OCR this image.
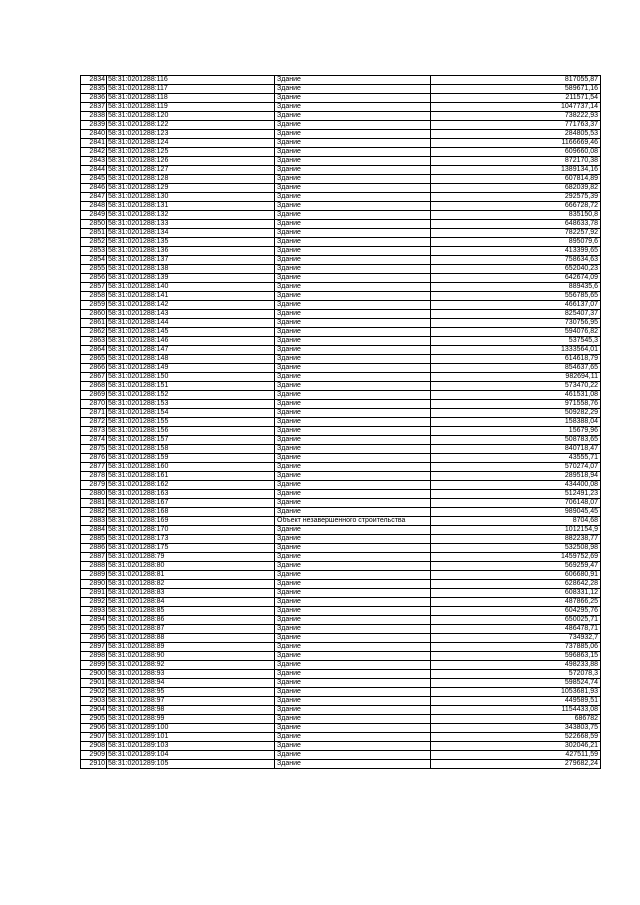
2834	58:31:0201288:116	Здание	817055,87
2835	58:31:0201288:117	Здание	589671,16
2836	58:31:0201288:118	Здание	211571,54
2837	58:31:0201288:119	Здание	1047737,14
2838	58:31:0201288:120	Здание	738222,93
2839	58:31:0201288:122	Здание	771763,37
2840	58:31:0201288:123	Здание	284805,53
2841	58:31:0201288:124	Здание	1166669,46
2842	58:31:0201288:125	Здание	609660,08
2843	58:31:0201288:126	Здание	872170,38
2844	58:31:0201288:127	Здание	1389134,16
2845	58:31:0201288:128	Здание	607814,89
2846	58:31:0201288:129	Здание	682039,82
2847	58:31:0201288:130	Здание	292575,39
2848	58:31:0201288:131	Здание	666728,72
2849	58:31:0201288:132	Здание	835150,8
2850	58:31:0201288:133	Здание	648633,78
2851	58:31:0201288:134	Здание	782257,92
2852	58:31:0201288:135	Здание	895079,6
2853	58:31:0201288:136	Здание	413399,65
2854	58:31:0201288:137	Здание	758634,63
2855	58:31:0201288:138	Здание	652040,23
2856	58:31:0201288:139	Здание	642674,09
2857	58:31:0201288:140	Здание	889435,6
2858	58:31:0201288:141	Здание	556785,65
2859	58:31:0201288:142	Здание	466137,07
2860	58:31:0201288:143	Здание	825407,37
2861	58:31:0201288:144	Здание	730756,95
2862	58:31:0201288:145	Здание	594076,82
2863	58:31:0201288:146	Здание	537545,3
2864	58:31:0201288:147	Здание	1333564,01
2865	58:31:0201288:148	Здание	614618,79
2866	58:31:0201288:149	Здание	854637,65
2867	58:31:0201288:150	Здание	982694,11
2868	58:31:0201288:151	Здание	573470,22
2869	58:31:0201288:152	Здание	461531,08
2870	58:31:0201288:153	Здание	971558,76
2871	58:31:0201288:154	Здание	509282,29
2872	58:31:0201288:155	Здание	158388,04
2873	58:31:0201288:156	Здание	15679,96
2874	58:31:0201288:157	Здание	508783,65
2875	58:31:0201288:158	Здание	840718,47
2876	58:31:0201288:159	Здание	43555,71
2877	58:31:0201288:160	Здание	570274,07
2878	58:31:0201288:161	Здание	289518,94
2879	58:31:0201288:162	Здание	434400,08
2880	58:31:0201288:163	Здание	512491,23
2881	58:31:0201288:167	Здание	706148,07
2882	58:31:0201288:168	Здание	989045,45
2883	58:31:0201288:169	Объект незавершенного строительства	8704,68
2884	58:31:0201288:170	Здание	1012154,9
2885	58:31:0201288:173	Здание	882238,77
2886	58:31:0201288:175	Здание	532508,98
2887	58:31:0201288:79	Здание	1459752,69
2888	58:31:0201288:80	Здание	569259,47
2889	58:31:0201288:81	Здание	606680,91
2890	58:31:0201288:82	Здание	628642,28
2891	58:31:0201288:83	Здание	608331,12
2892	58:31:0201288:84	Здание	487866,25
2893	58:31:0201288:85	Здание	604295,76
2894	58:31:0201288:86	Здание	650025,71
2895	58:31:0201288:87	Здание	486478,71
2896	58:31:0201288:88	Здание	734932,7
2897	58:31:0201288:89	Здание	737885,06
2898	58:31:0201288:90	Здание	596863,15
2899	58:31:0201288:92	Здание	498233,88
2900	58:31:0201288:93	Здание	572078,3
2901	58:31:0201288:94	Здание	598524,74
2902	58:31:0201288:95	Здание	1053681,93
2903	58:31:0201288:97	Здание	449589,51
2904	58:31:0201288:98	Здание	1154433,08
2905	58:31:0201288:99	Здание	686782
2906	58:31:0201289:100	Здание	343803,75
2907	58:31:0201289:101	Здание	522668,59
2908	58:31:0201289:103	Здание	302046,21
2909	58:31:0201289:104	Здание	427511,59
2910	58:31:0201289:105	Здание	279682,24
